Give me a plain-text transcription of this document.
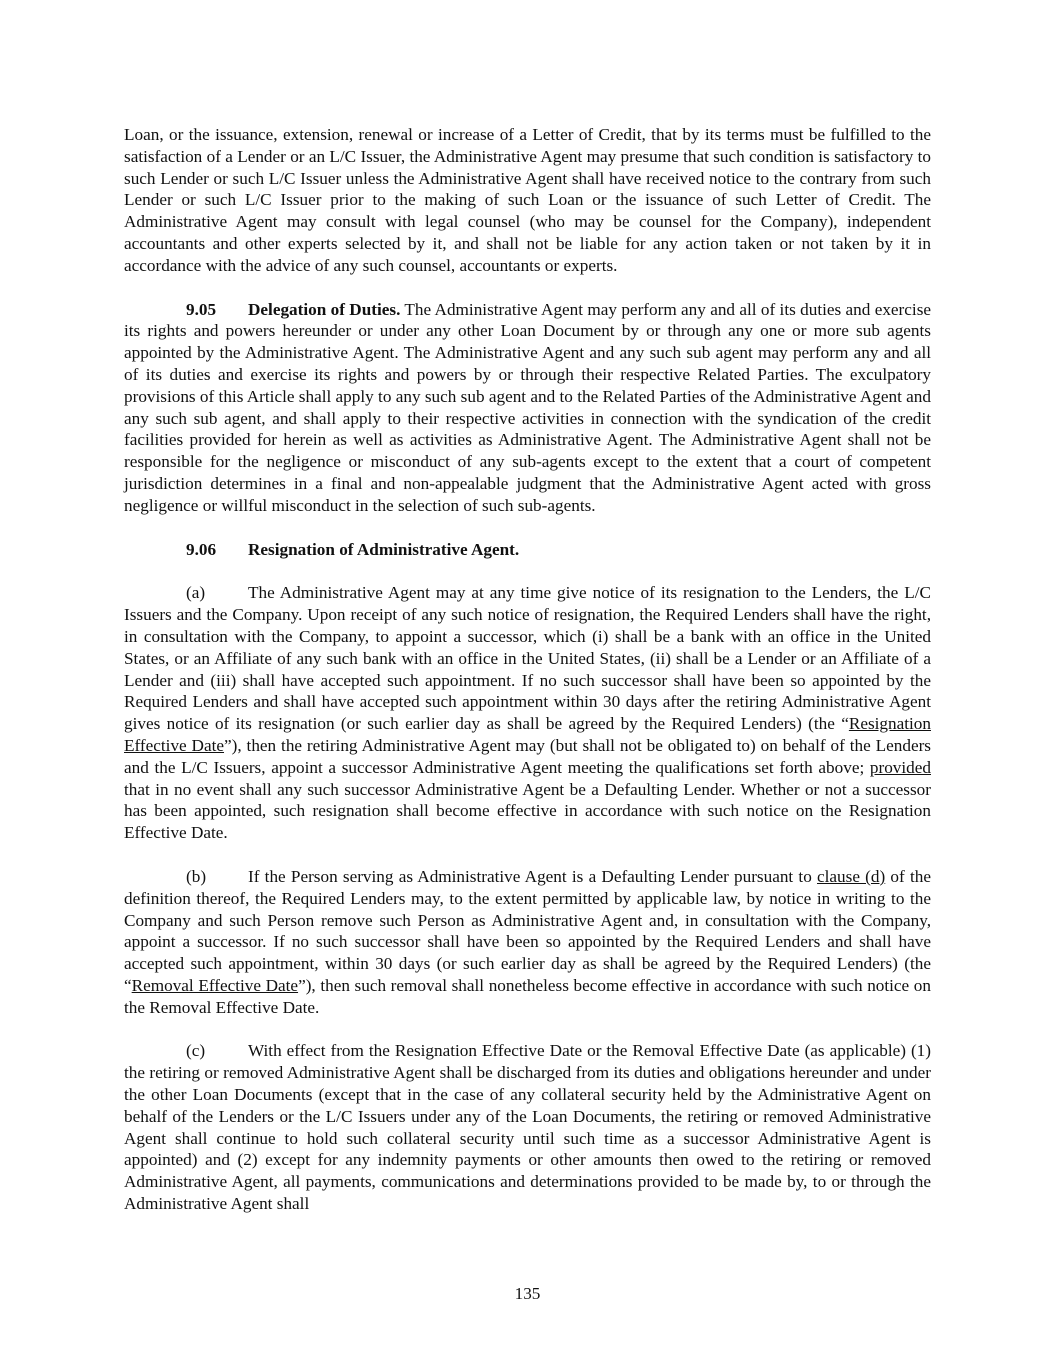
Loan, or the issuance, extension, renewal or increase of a Letter of Credit, that by its terms must be fulfilled to the satisfaction of a Lender or an L/C Issuer, the Administrative Agent may presume that such condition is satisfactory to such Lender or such L/C Issuer unless the Administrative Agent shall have received notice to the contrary from such Lender or such L/C Issuer prior to the making of such Loan or the issuance of such Letter of Credit. The Administrative Agent may consult with legal counsel (who may be counsel for the Company), independent accountants and other experts selected by it, and shall not be liable for any action taken or not taken by it in accordance with the advice of any such counsel, accountants or experts.

9.05 Delegation of Duties. The Administrative Agent may perform any and all of its duties and exercise its rights and powers hereunder or under any other Loan Document by or through any one or more sub agents appointed by the Administrative Agent. The Administrative Agent and any such sub agent may perform any and all of its duties and exercise its rights and powers by or through their respective Related Parties. The exculpatory provisions of this Article shall apply to any such sub agent and to the Related Parties of the Administrative Agent and any such sub agent, and shall apply to their respective activities in connection with the syndication of the credit facilities provided for herein as well as activities as Administrative Agent. The Administrative Agent shall not be responsible for the negligence or misconduct of any sub-agents except to the extent that a court of competent jurisdiction determines in a final and non-appealable judgment that the Administrative Agent acted with gross negligence or willful misconduct in the selection of such sub-agents.

9.06 Resignation of Administrative Agent.

(a) The Administrative Agent may at any time give notice of its resignation to the Lenders, the L/C Issuers and the Company. Upon receipt of any such notice of resignation, the Required Lenders shall have the right, in consultation with the Company, to appoint a successor, which (i) shall be a bank with an office in the United States, or an Affiliate of any such bank with an office in the United States, (ii) shall be a Lender or an Affiliate of a Lender and (iii) shall have accepted such appointment. If no such successor shall have been so appointed by the Required Lenders and shall have accepted such appointment within 30 days after the retiring Administrative Agent gives notice of its resignation (or such earlier day as shall be agreed by the Required Lenders) (the “Resignation Effective Date”), then the retiring Administrative Agent may (but shall not be obligated to) on behalf of the Lenders and the L/C Issuers, appoint a successor Administrative Agent meeting the qualifications set forth above; provided that in no event shall any such successor Administrative Agent be a Defaulting Lender. Whether or not a successor has been appointed, such resignation shall become effective in accordance with such notice on the Resignation Effective Date.

(b) If the Person serving as Administrative Agent is a Defaulting Lender pursuant to clause (d) of the definition thereof, the Required Lenders may, to the extent permitted by applicable law, by notice in writing to the Company and such Person remove such Person as Administrative Agent and, in consultation with the Company, appoint a successor. If no such successor shall have been so appointed by the Required Lenders and shall have accepted such appointment, within 30 days (or such earlier day as shall be agreed by the Required Lenders) (the “Removal Effective Date”), then such removal shall nonetheless become effective in accordance with such notice on the Removal Effective Date.

(c) With effect from the Resignation Effective Date or the Removal Effective Date (as applicable) (1) the retiring or removed Administrative Agent shall be discharged from its duties and obligations hereunder and under the other Loan Documents (except that in the case of any collateral security held by the Administrative Agent on behalf of the Lenders or the L/C Issuers under any of the Loan Documents, the retiring or removed Administrative Agent shall continue to hold such collateral security until such time as a successor Administrative Agent is appointed) and (2) except for any indemnity payments or other amounts then owed to the retiring or removed Administrative Agent, all payments, communications and determinations provided to be made by, to or through the Administrative Agent shall

135
